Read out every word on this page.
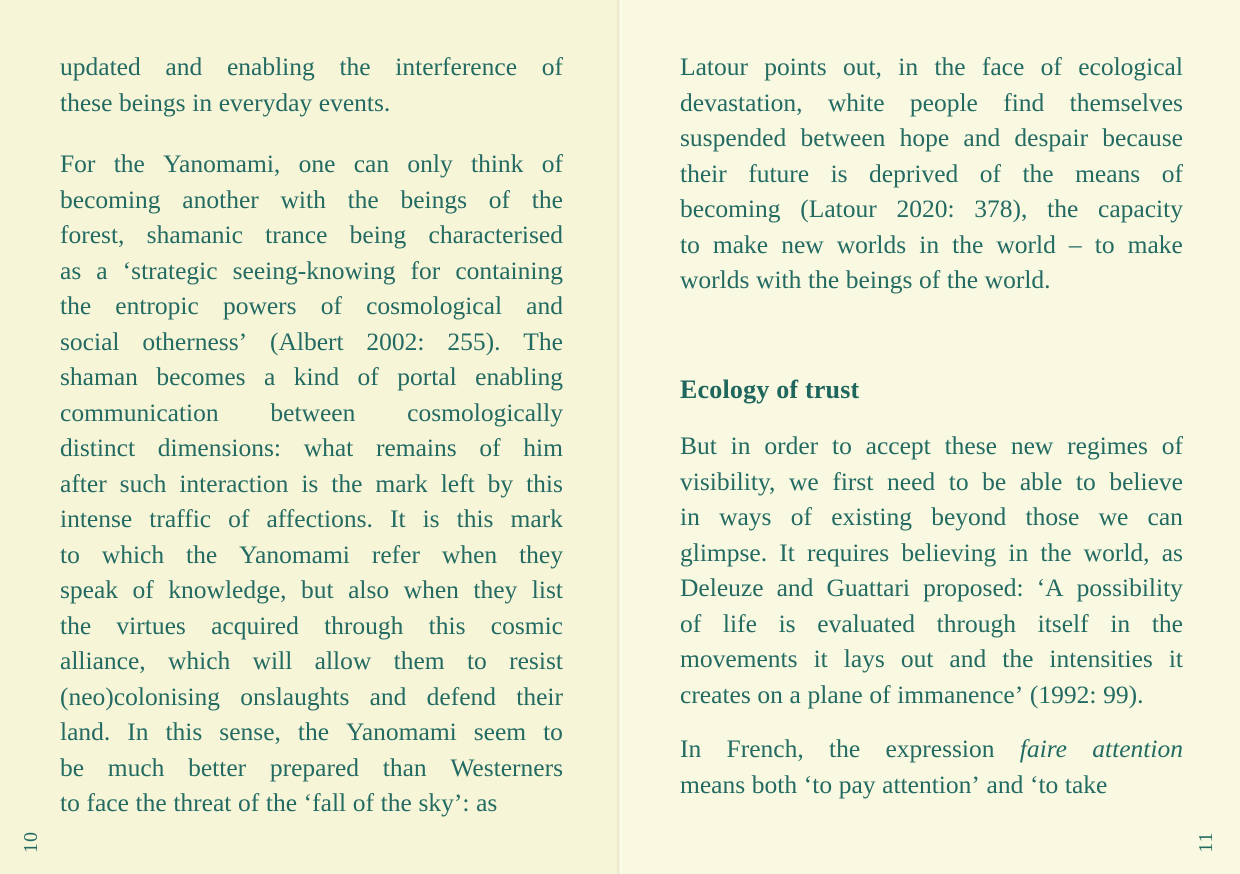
updated and enabling the interference of
these beings in everyday events.
For the Yanomami, one can only think of
becoming another with the beings of the
forest, shamanic trance being characterised
as a ‘strategic seeing-knowing for containing
the entropic powers of cosmological and
social otherness’ (Albert 2002: 255). The
shaman becomes a kind of portal enabling
communication between cosmologically
distinct dimensions: what remains of him
after such interaction is the mark left by this
intense traffic of affections. It is this mark
to which the Yanomami refer when they
speak of knowledge, but also when they list
the virtues acquired through this cosmic
alliance, which will allow them to resist
(neo)colonising onslaughts and defend their
land. In this sense, the Yanomami seem to
be much better prepared than Westerners
to face the threat of the ‘fall of the sky’: as
Latour points out, in the face of ecological
devastation, white people find themselves
suspended between hope and despair because
their future is deprived of the means of
becoming (Latour 2020: 378), the capacity
to make new worlds in the world – to make
worlds with the beings of the world.
Ecology of trust
But in order to accept these new regimes of
visibility, we first need to be able to believe
in ways of existing beyond those we can
glimpse. It requires believing in the world, as
Deleuze and Guattari proposed: ‘A possibility
of life is evaluated through itself in the
movements it lays out and the intensities it
creates on a plane of immanence’ (1992: 99).
In French, the expression faire attention
means both ‘to pay attention’ and ‘to take
10	11
